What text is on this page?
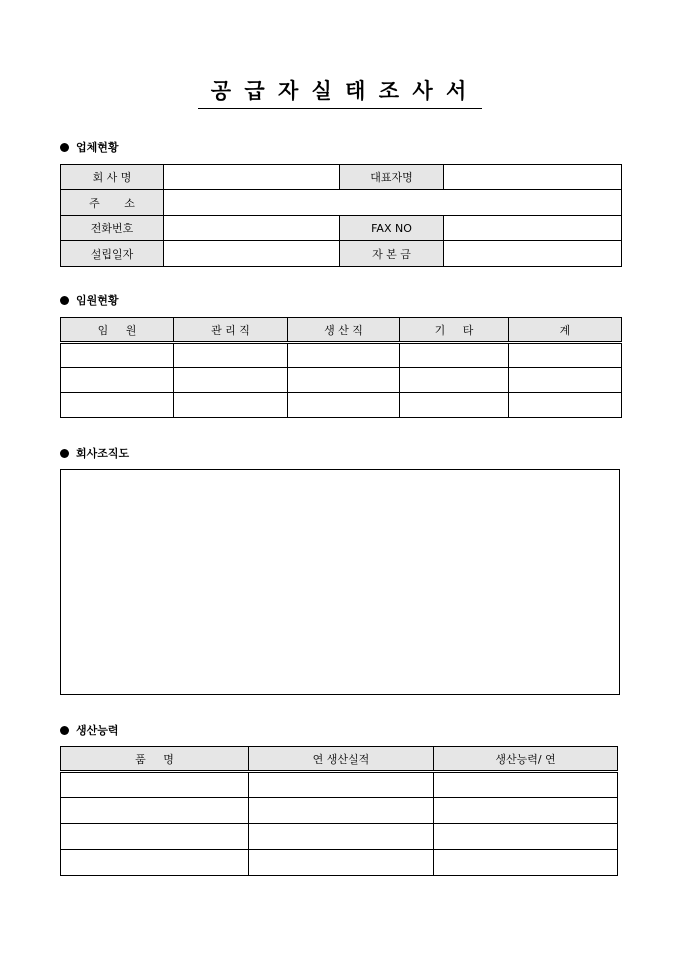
공 급 자 실 태 조 사 서
업체현황
회 사 명		대표자명	
주       소			
전화번호		FAX NO	
설립일자		자 본 금	
임원현황
임     원	관 리 직	생 산 직	기     타	계

회사조직도
생산능력
품     명	연 생산실적	생산능력/ 연
